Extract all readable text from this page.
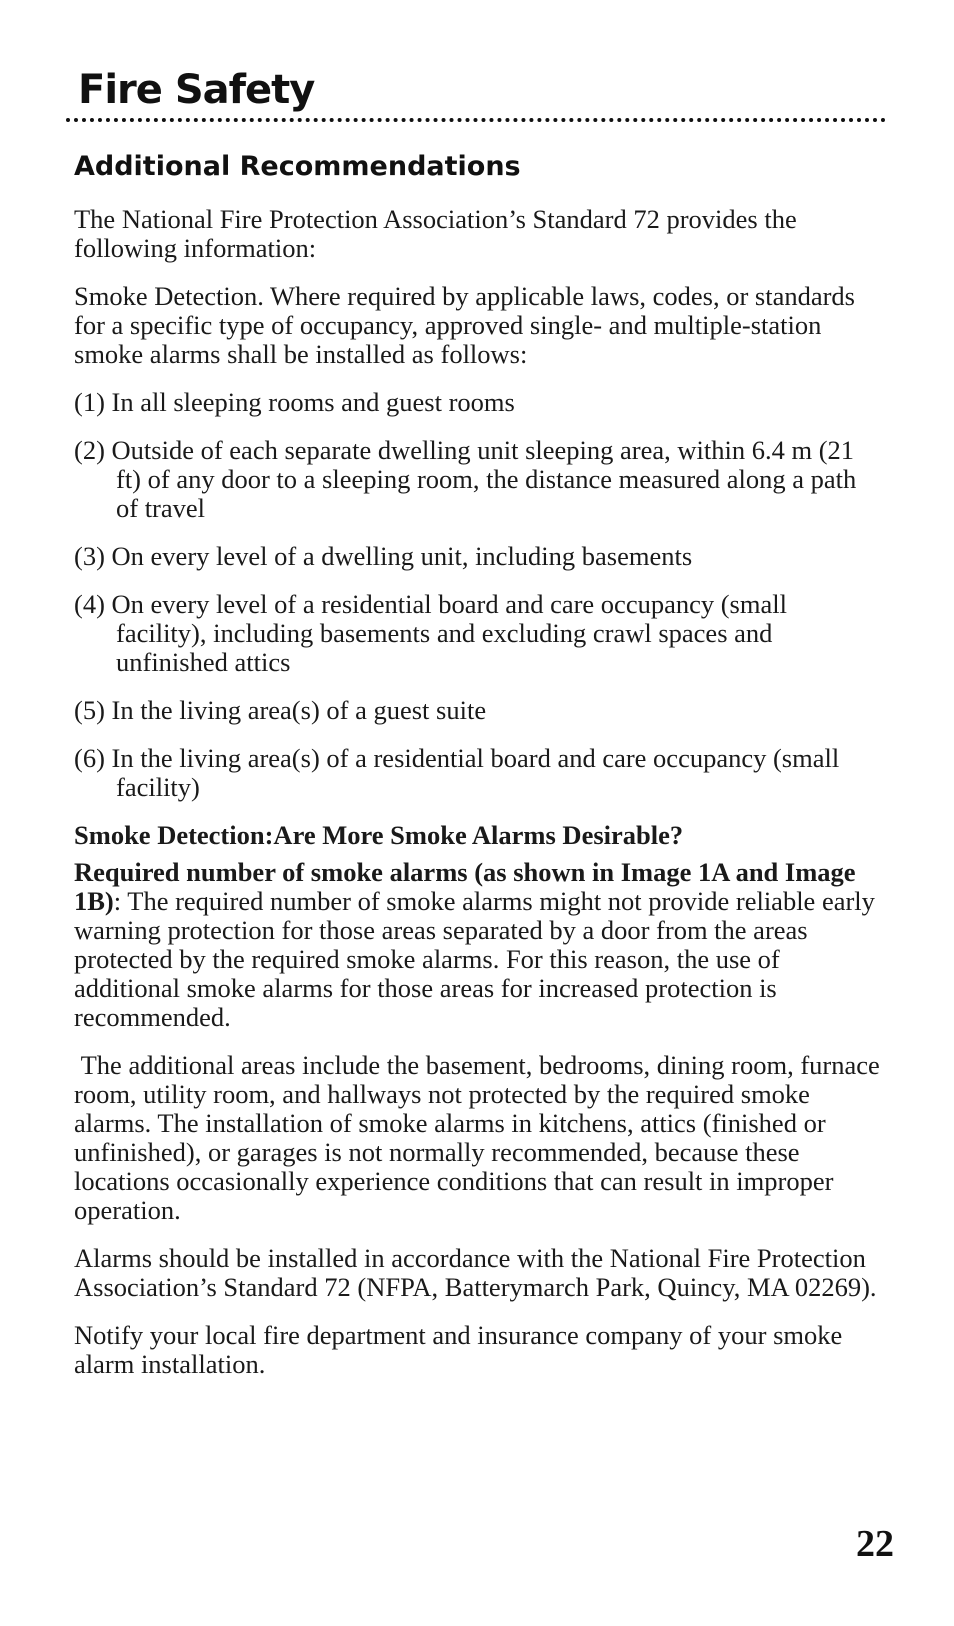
Fire Safety
Additional Recommendations

The National Fire Protection Association’s Standard 72 provides the following information:

Smoke Detection. Where required by applicable laws, codes, or standards for a specific type of occupancy, approved single- and multiple-station smoke alarms shall be installed as follows:

(1) In all sleeping rooms and guest rooms
(2) Outside of each separate dwelling unit sleeping area, within 6.4 m (21 ft) of any door to a sleeping room, the distance measured along a path of travel
(3) On every level of a dwelling unit, including basements
(4) On every level of a residential board and care occupancy (small facility), including basements and excluding crawl spaces and unfinished attics
(5) In the living area(s) of a guest suite
(6) In the living area(s) of a residential board and care occupancy (small facility)

Smoke Detection:Are More Smoke Alarms Desirable?

Required number of smoke alarms (as shown in Image 1A and Image 1B): The required number of smoke alarms might not provide reliable early warning protection for those areas separated by a door from the areas protected by the required smoke alarms. For this reason, the use of additional smoke alarms for those areas for increased protection is recommended.

The additional areas include the basement, bedrooms, dining room, furnace room, utility room, and hallways not protected by the required smoke alarms. The installation of smoke alarms in kitchens, attics (finished or unfinished), or garages is not normally recommended, because these locations occasionally experience conditions that can result in improper operation.

Alarms should be installed in accordance with the National Fire Protection Association’s Standard 72 (NFPA, Batterymarch Park, Quincy, MA 02269).

Notify your local fire department and insurance company of your smoke alarm installation.

22
